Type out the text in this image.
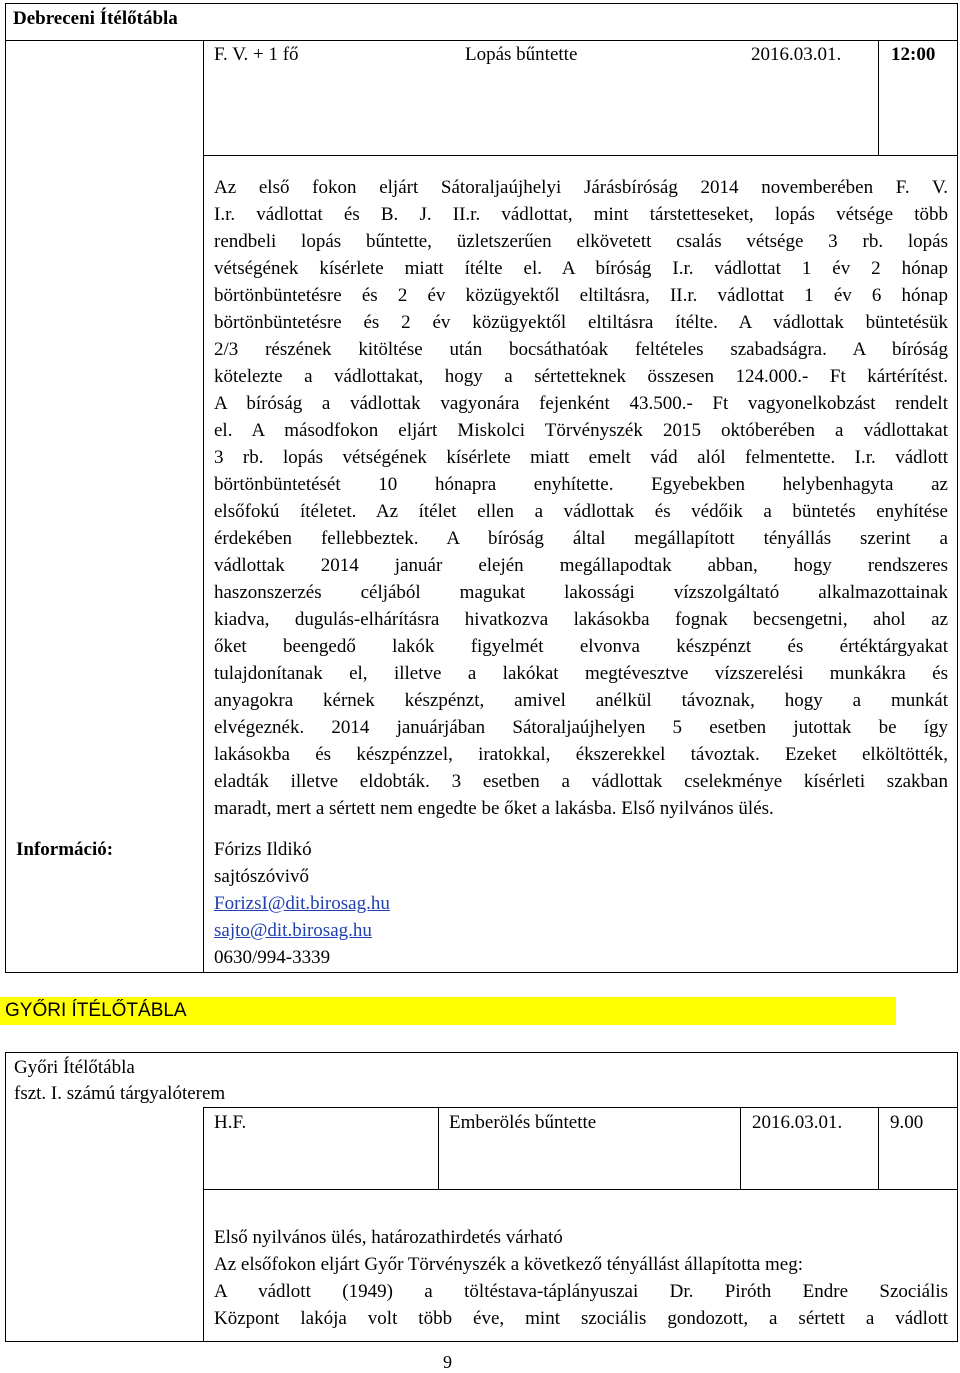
Debreceni Ítélőtábla
F. V. + 1 fő	Lopás bűntette	2016.03.01.	12:00
Az első fokon eljárt Sátoraljaújhelyi Járásbíróság 2014 novemberében F. V.
I.r. vádlottat és B. J. II.r. vádlottat, mint társtetteseket, lopás vétsége több
rendbeli lopás bűntette, üzletszerűen elkövetett csalás vétsége 3 rb. lopás
vétségének kísérlete miatt ítélte el. A bíróság I.r. vádlottat 1 év 2 hónap
börtönbüntetésre és 2 év közügyektől eltiltásra, II.r. vádlottat 1 év 6 hónap
börtönbüntetésre és 2 év közügyektől eltiltásra ítélte. A vádlottak büntetésük
2/3 részének kitöltése után bocsáthatóak feltételes szabadságra. A bíróság
kötelezte a vádlottakat, hogy a sértetteknek összesen 124.000.- Ft kártérítést.
A bíróság a vádlottak vagyonára fejenként 43.500.- Ft vagyonelkobzást rendelt
el. A másodfokon eljárt Miskolci Törvényszék 2015 októberében a vádlottakat
3 rb. lopás vétségének kísérlete miatt emelt vád alól felmentette. I.r. vádlott
börtönbüntetését 10 hónapra enyhítette. Egyebekben helybenhagyta az
elsőfokú ítéletet. Az ítélet ellen a vádlottak és védőik a büntetés enyhítése
érdekében fellebbeztek. A bíróság által megállapított tényállás szerint a
vádlottak 2014 január elején megállapodtak abban, hogy rendszeres
haszonszerzés céljából magukat lakossági vízszolgáltató alkalmazottainak
kiadva, dugulás-elhárításra hivatkozva lakásokba fognak becsengetni, ahol az
őket beengedő lakók figyelmét elvonva készpénzt és értéktárgyakat
tulajdonítanak el, illetve a lakókat megtévesztve vízszerelési munkákra és
anyagokra kérnek készpénzt, amivel anélkül távoznak, hogy a munkát
elvégeznék. 2014 januárjában Sátoraljaújhelyen 5 esetben jutottak be így
lakásokba és készpénzzel, iratokkal, ékszerekkel távoztak. Ezeket elköltötték,
eladták illetve eldobták. 3 esetben a vádlottak cselekménye kísérleti szakban
maradt, mert a sértett nem engedte be őket a lakásba. Első nyilvános ülés.
Információ:	Fórizs Ildikó
sajtószóvivő
ForizsI@dit.birosag.hu
sajto@dit.birosag.hu
0630/994-3339
GYŐRI ÍTÉLŐTÁBLA
Győri Ítélőtábla
fszt. I. számú tárgyalóterem
H.F.	Emberölés bűntette	2016.03.01.	9.00
Első nyilvános ülés, határozathirdetés várható
Az elsőfokon eljárt Győr Törvényszék a következő tényállást állapította meg:
A vádlott (1949) a töltéstava-táplányuszai Dr. Piróth Endre Szociális
Központ lakója volt több éve, mint szociális gondozott, a sértett a vádlott
9
